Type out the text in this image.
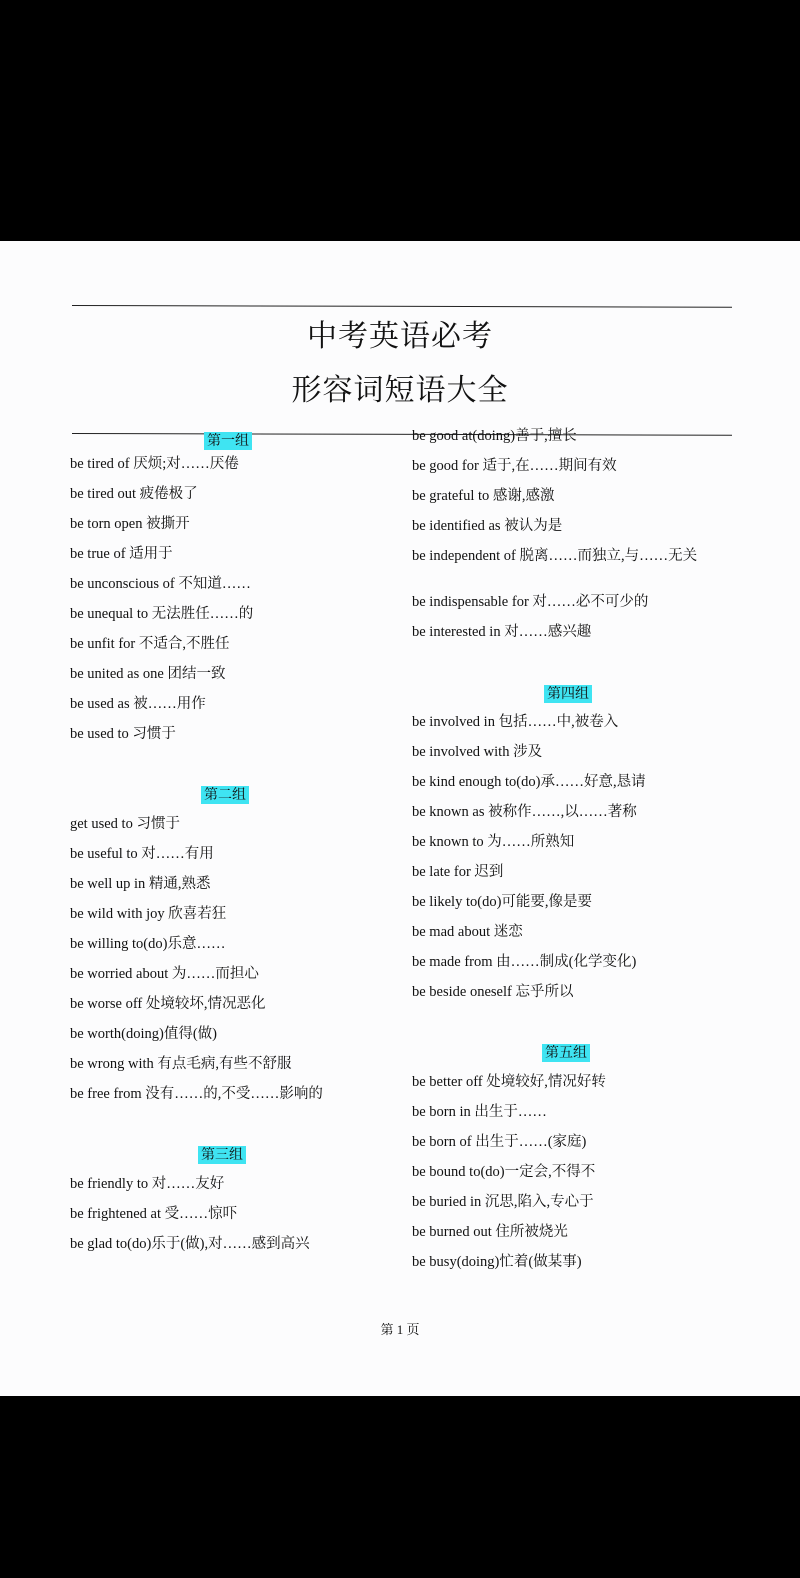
中考英语必考
形容词短语大全
第一组
be tired of 厌烦;对……厌倦
be tired out 疲倦极了
be torn open 被撕开
be true of 适用于
be unconscious of 不知道……
be unequal to 无法胜任……的
be unfit for 不适合,不胜任
be united as one 团结一致
be used as 被……用作
be used to 习惯于
第二组
get used to 习惯于
be useful to 对……有用
be well up in 精通,熟悉
be wild with joy 欣喜若狂
be willing to(do)乐意……
be worried about 为……而担心
be worse off 处境较坏,情况恶化
be worth(doing)值得(做)
be wrong with 有点毛病,有些不舒服
be free from 没有……的,不受……影响的
第三组
be friendly to 对……友好
be frightened at 受……惊吓
be glad to(do)乐于(做),对……感到高兴
be good at(doing)善于,擅长
be good for 适于,在……期间有效
be grateful to 感谢,感激
be identified as 被认为是
be independent of 脱离……而独立,与……无关
be indispensable for 对……必不可少的
be interested in 对……感兴趣
第四组
be involved in 包括……中,被卷入
be involved with 涉及
be kind enough to(do)承……好意,恳请
be known as 被称作……,以……著称
be known to 为……所熟知
be late for 迟到
be likely to(do)可能要,像是要
be mad about 迷恋
be made from 由……制成(化学变化)
be beside oneself 忘乎所以
第五组
be better off 处境较好,情况好转
be born in 出生于……
be born of 出生于……(家庭)
be bound to(do)一定会,不得不
be buried in 沉思,陷入,专心于
be burned out 住所被烧光
be busy(doing)忙着(做某事)
第 1 页
